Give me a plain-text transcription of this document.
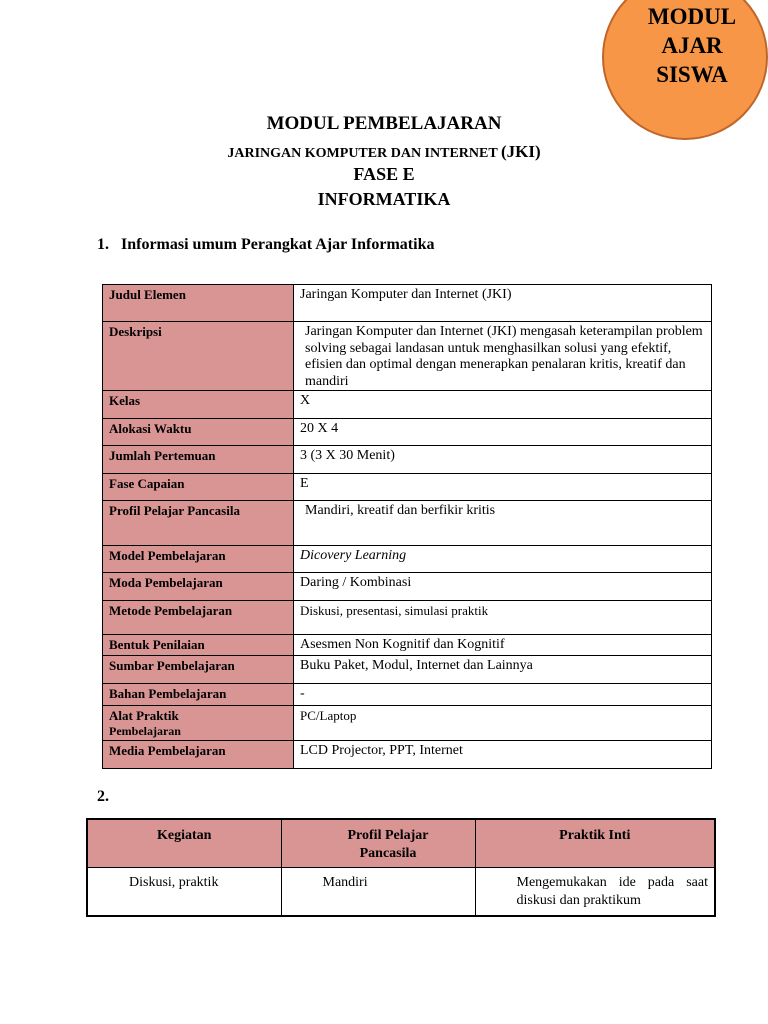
MODUL
AJAR
SISWA
MODUL PEMBELAJARAN
JARINGAN KOMPUTER DAN INTERNET (JKI)
FASE E
INFORMATIKA
1. Informasi umum Perangkat Ajar Informatika
Judul Elemen	Jaringan Komputer dan Internet (JKI)
Deskripsi	Jaringan Komputer dan Internet (JKI) mengasah keterampilan problem solving sebagai landasan untuk menghasilkan solusi yang efektif, efisien dan optimal dengan menerapkan penalaran kritis, kreatif dan mandiri
Kelas	X
Alokasi Waktu	20 X 4
Jumlah Pertemuan	3 (3 X 30 Menit)
Fase Capaian	E
Profil Pelajar Pancasila	Mandiri, kreatif dan berfikir kritis
Model Pembelajaran	Dicovery Learning
Moda Pembelajaran	Daring / Kombinasi
Metode Pembelajaran	Diskusi, presentasi, simulasi praktik
Bentuk Penilaian	Asesmen Non Kognitif dan Kognitif
Sumbar Pembelajaran	Buku Paket, Modul, Internet dan Lainnya
Bahan Pembelajaran	-

Alat Praktik
Pembelajaran	PC/Laptop
Media Pembelajaran	LCD Projector, PPT, Internet
2.
Kegiatan	Profil Pelajar Pancasila	Praktik Inti
Diskusi, praktik	Mandiri	Mengemukakan ide pada saat diskusi dan praktikum
